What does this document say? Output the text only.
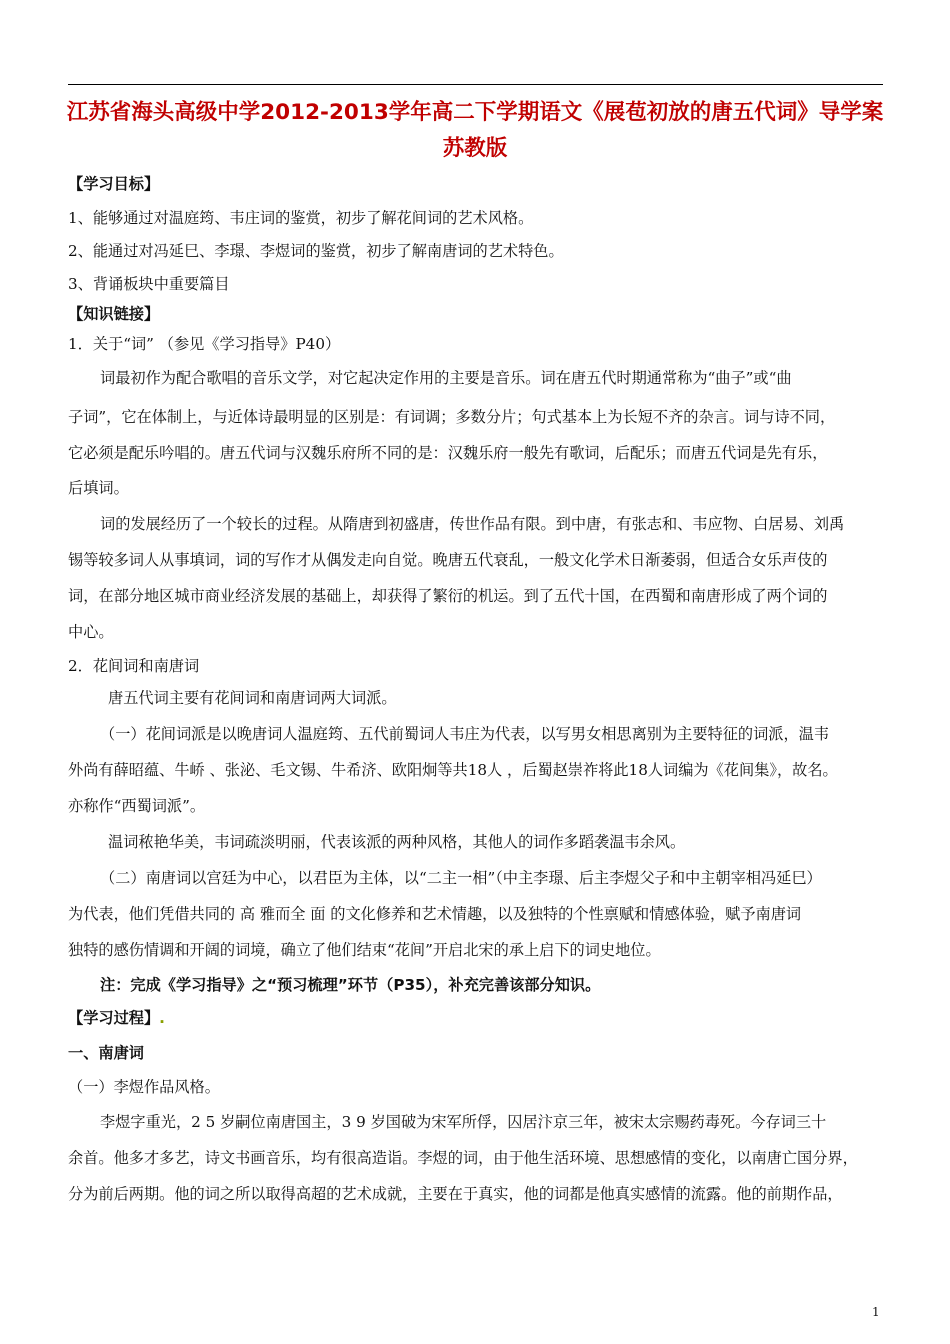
江苏省海头高级中学2012-2013学年高二下学期语文《展苞初放的唐五代词》导学案
苏教版
【学习目标】
1、能够通过对温庭筠、韦庄词的鉴赏，初步了解花间词的艺术风格。
2、能通过对冯延巳、李璟、李煜词的鉴赏，初步了解南唐词的艺术特色。
3、背诵板块中重要篇目
【知识链接】
1．关于“词” （参见《学习指导》P40）
词最初作为配合歌唱的音乐文学，对它起决定作用的主要是音乐。词在唐五代时期通常称为“曲子”或“曲
子词”，它在体制上，与近体诗最明显的区别是：有词调；多数分片；句式基本上为长短不齐的杂言。词与诗不同，
它必须是配乐吟唱的。唐五代词与汉魏乐府所不同的是：汉魏乐府一般先有歌词，后配乐；而唐五代词是先有乐，
后填词。
词的发展经历了一个较长的过程。从隋唐到初盛唐，传世作品有限。到中唐，有张志和、韦应物、白居易、刘禹
锡等较多词人从事填词，词的写作才从偶发走向自觉。晚唐五代衰乱，一般文化学术日渐萎弱，但适合女乐声伎的
词，在部分地区城市商业经济发展的基础上，却获得了繁衍的机运。到了五代十国，在西蜀和南唐形成了两个词的
中心。
2．花间词和南唐词
唐五代词主要有花间词和南唐词两大词派。
（一）花间词派是以晚唐词人温庭筠、五代前蜀词人韦庄为代表，以写男女相思离别为主要特征的词派，温韦
外尚有薛昭蕴、牛峤 、张泌、毛文锡、牛希济、欧阳炯等共18人 ，后蜀赵崇祚将此18人词编为《花间集》，故名。
亦称作“西蜀词派”。
温词秾艳华美，韦词疏淡明丽，代表该派的两种风格，其他人的词作多蹈袭温韦余风。
（二）南唐词以宫廷为中心，以君臣为主体，以“二主一相”（中主李璟、后主李煜父子和中主朝宰相冯延巳）
为代表，他们凭借共同的 高 雅而全 面 的文化修养和艺术情趣，以及独特的个性禀赋和情感体验，赋予南唐词
独特的感伤情调和开阔的词境，确立了他们结束“花间”开启北宋的承上启下的词史地位。
注：完成《学习指导》之“预习梳理”环节（P35），补充完善该部分知识。
【学习过程】.
一、南唐词
（一）李煜作品风格。
李煜字重光，2 5 岁嗣位南唐国主，3 9 岁国破为宋军所俘，囚居汴京三年，被宋太宗赐药毒死。今存词三十
余首。他多才多艺，诗文书画音乐，均有很高造诣。李煜的词，由于他生活环境、思想感情的变化，以南唐亡国分界，
分为前后两期。他的词之所以取得高超的艺术成就，主要在于真实，他的词都是他真实感情的流露。他的前期作品，
1
